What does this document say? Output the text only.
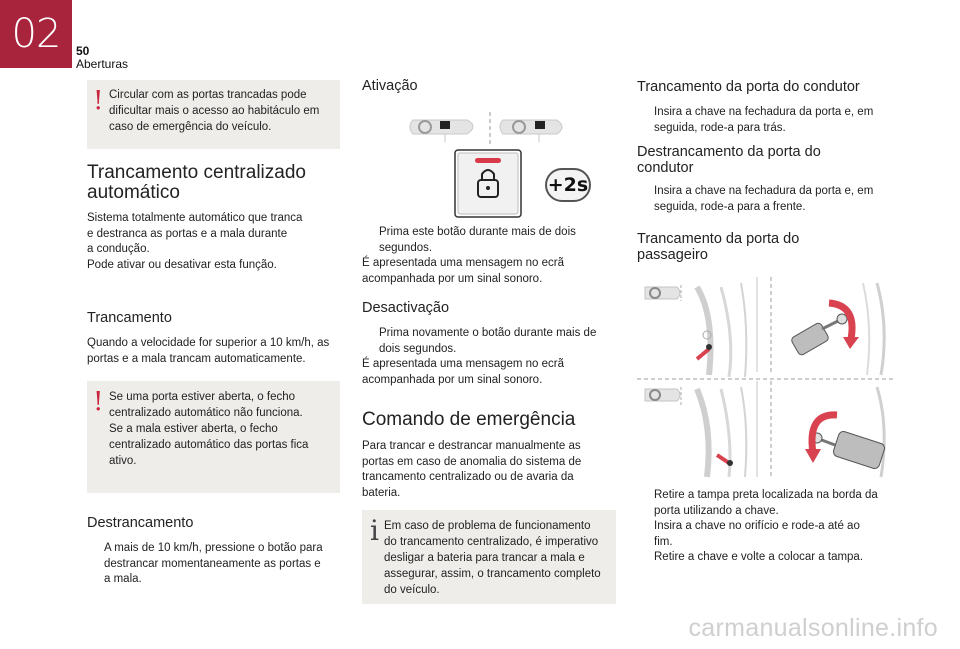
02	50
Aberturas
! Circular com as portas trancadas pode
dificultar mais o acesso ao habitáculo em
caso de emergência do veículo.
Trancamento centralizado
automático
Sistema totalmente automático que tranca
e destranca as portas e a mala durante
a condução.
Pode ativar ou desativar esta função.
Trancamento
Quando a velocidade for superior a 10 km/h, as
portas e a mala trancam automaticamente.
! Se uma porta estiver aberta, o fecho
centralizado automático não funciona.
Se a mala estiver aberta, o fecho
centralizado automático das portas fica
ativo.
Destrancamento
A mais de 10 km/h, pressione o botão para
destrancar momentaneamente as portas e
a mala.
Ativação
+2s
Prima este botão durante mais de dois
segundos.
É apresentada uma mensagem no ecrã
acompanhada por um sinal sonoro.
Desactivação
Prima novamente o botão durante mais de
dois segundos.
É apresentada uma mensagem no ecrã
acompanhada por um sinal sonoro.
Comando de emergência
Para trancar e destrancar manualmente as
portas em caso de anomalia do sistema de
trancamento centralizado ou de avaria da
bateria.
i Em caso de problema de funcionamento
do trancamento centralizado, é imperativo
desligar a bateria para trancar a mala e
assegurar, assim, o trancamento completo
do veículo.
Trancamento da porta do condutor
Insira a chave na fechadura da porta e, em
seguida, rode-a para trás.
Destrancamento da porta do
condutor
Insira a chave na fechadura da porta e, em
seguida, rode-a para a frente.
Trancamento da porta do
passageiro
Retire a tampa preta localizada na borda da
porta utilizando a chave.
Insira a chave no orifício e rode-a até ao
fim.
Retire a chave e volte a colocar a tampa.
carmanualsonline.info
